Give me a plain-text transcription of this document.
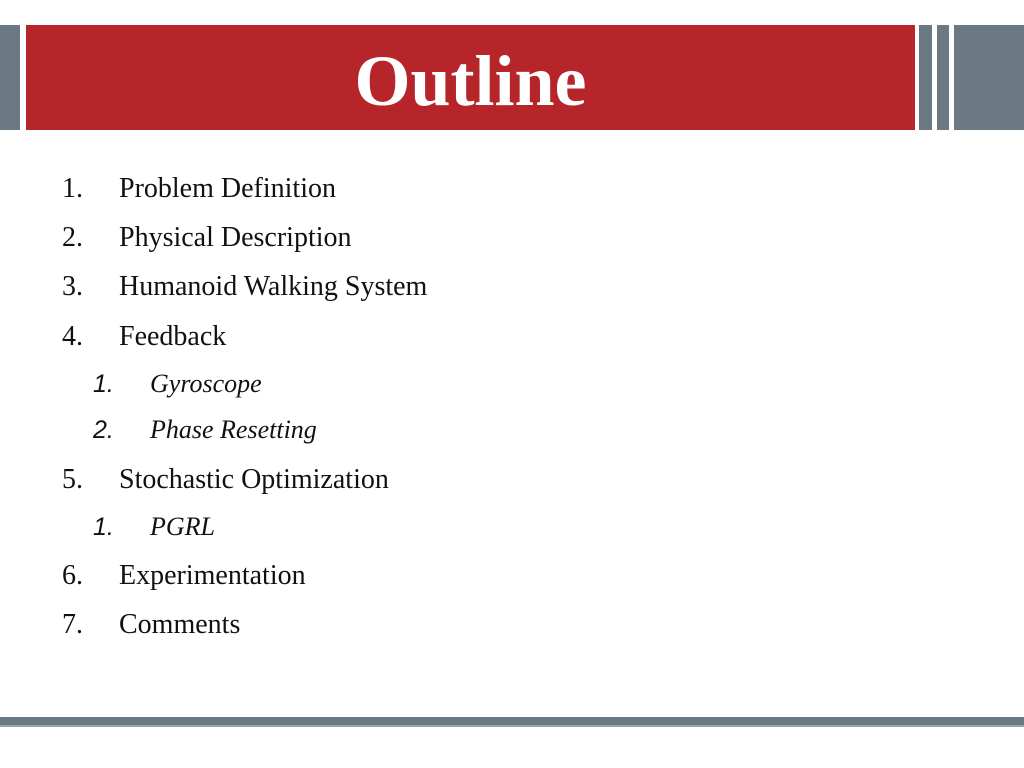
Outline
1. Problem Definition
2. Physical Description
3. Humanoid Walking System
4. Feedback
1. Gyroscope
2. Phase Resetting
5. Stochastic Optimization
1. PGRL
6. Experimentation
7. Comments
